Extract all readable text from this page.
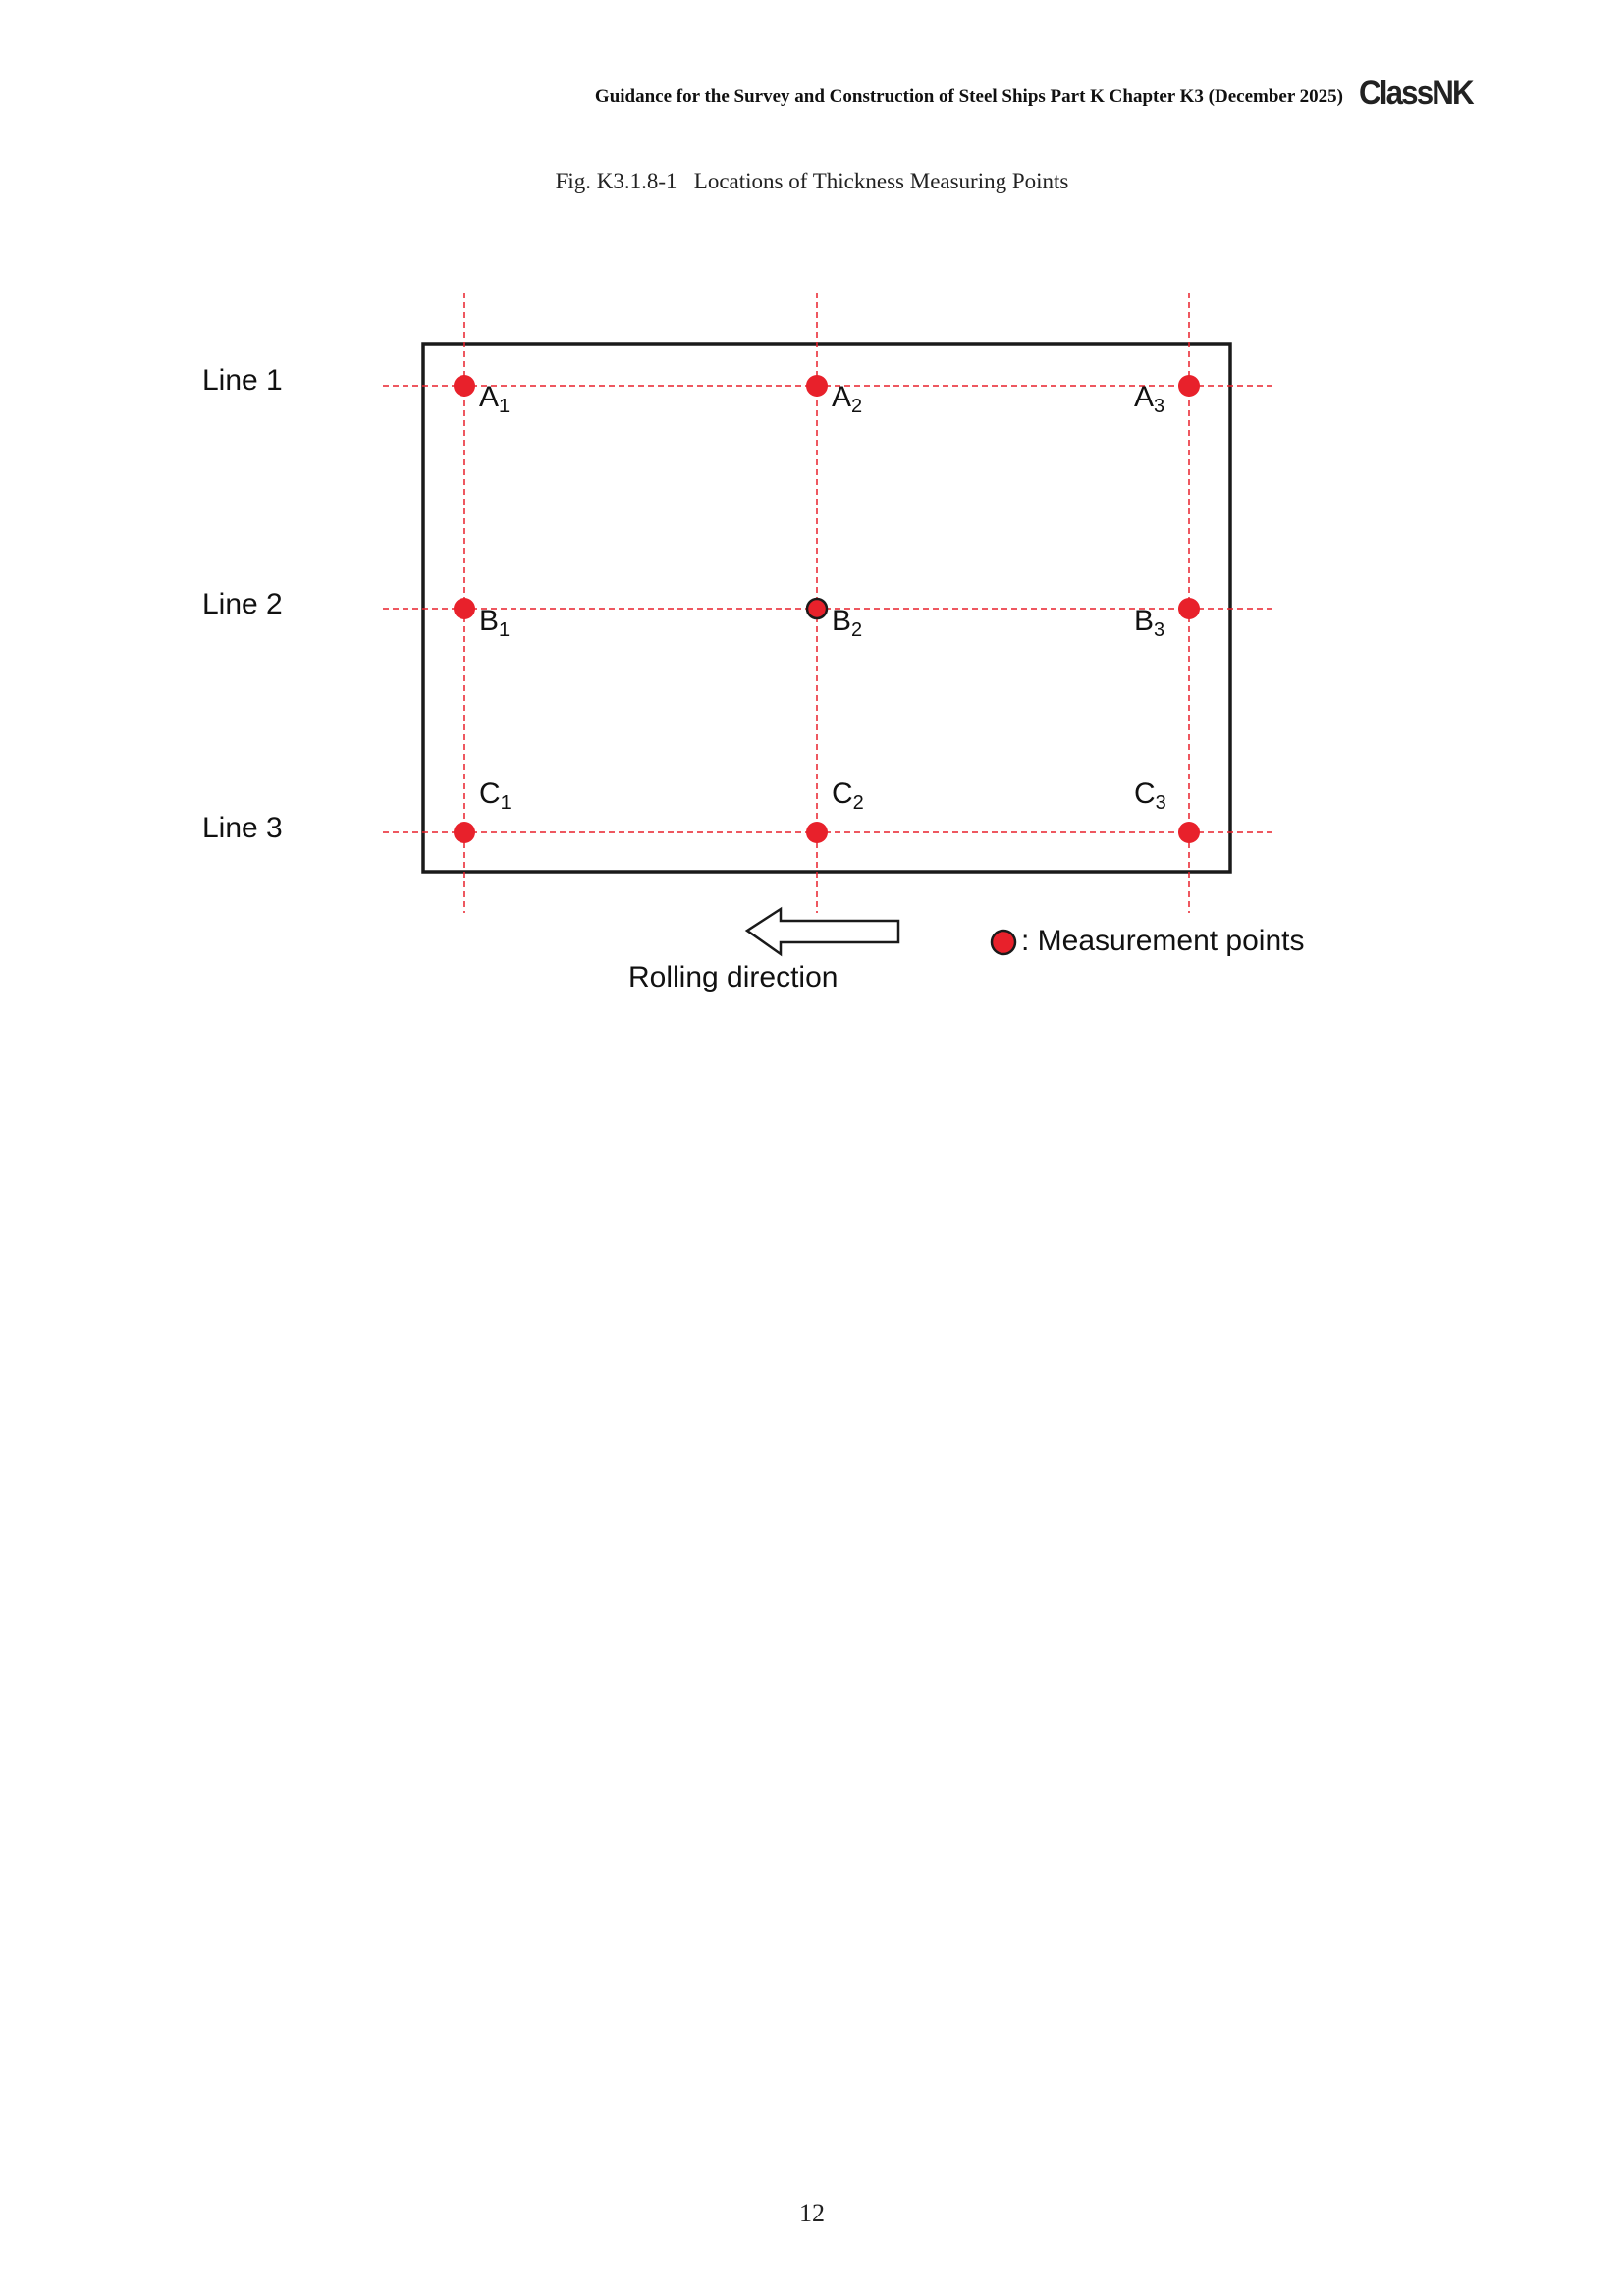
Guidance for the Survey and Construction of Steel Ships Part K Chapter K3 (December 2025) ClassNK
Fig. K3.1.8-1   Locations of Thickness Measuring Points
Line 1
Line 2
Line 3
$A_1$	$A_2$	$A_3$
$B_1$	$B_2$	$B_3$
$C_1$	$C_2$	$C_3$
Rolling direction
: Measurement points
12
